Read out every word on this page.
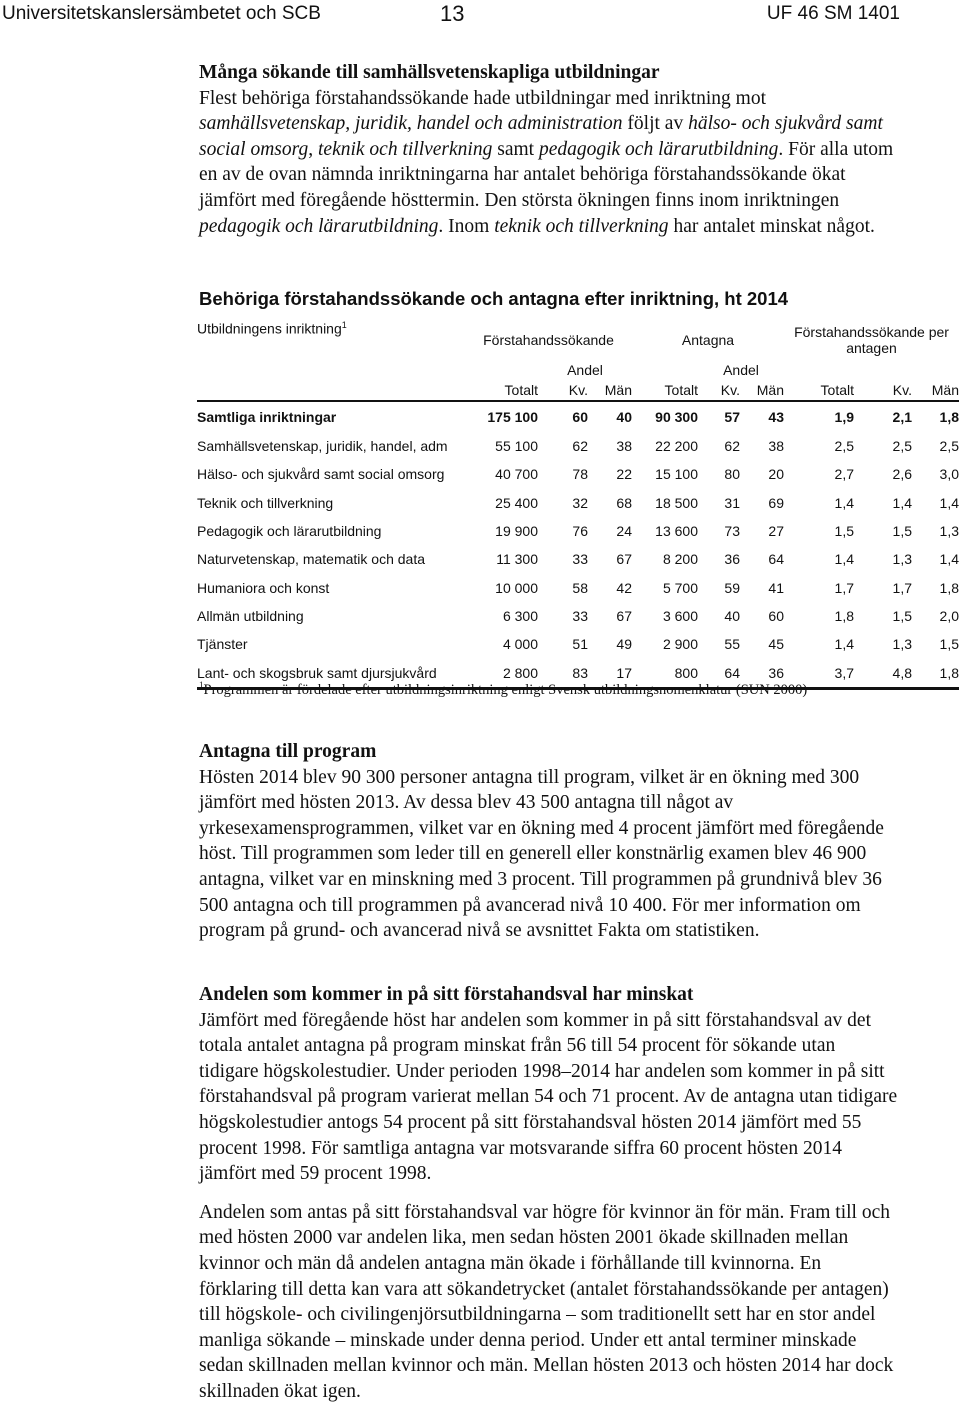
Universitetskanslersämbetet och SCB	13	UF 46 SM 1401
Många sökande till samhällsvetenskapliga utbildningar

Flest behöriga förstahandssökande hade utbildningar med inriktning mot samhällsvetenskap, juridik, handel och administration följt av hälso- och sjukvård samt social omsorg, teknik och tillverkning samt pedagogik och lärarutbildning. För alla utom en av de ovan nämnda inriktningarna har antalet behöriga förstahandssökande ökat jämfört med föregående hösttermin. Den största ökningen finns inom inriktningen pedagogik och lärarutbildning. Inom teknik och tillverkning har antalet minskat något.

Behöriga förstahandssökande och antagna efter inriktning, ht 2014
Utbildningens inriktning$^1$	Förstahandssökande			Antagna			Förstahandssökande per antagen		
		Andel			Andel				
	Totalt	Kv.	Män	Totalt	Kv.	Män	Totalt	Kv.	Män
Samtliga inriktningar	175 100	60	40	90 300	57	43	1,9	2,1	1,8
Samhällsvetenskap, juridik, handel, adm	55 100	62	38	22 200	62	38	2,5	2,5	2,5
Hälso- och sjukvård samt social omsorg	40 700	78	22	15 100	80	20	2,7	2,6	3,0
Teknik och tillverkning	25 400	32	68	18 500	31	69	1,4	1,4	1,4
Pedagogik och lärarutbildning	19 900	76	24	13 600	73	27	1,5	1,5	1,3
Naturvetenskap, matematik och data	11 300	33	67	8 200	36	64	1,4	1,3	1,4
Humaniora och konst	10 000	58	42	5 700	59	41	1,7	1,7	1,8
Allmän utbildning	6 300	33	67	3 600	40	60	1,8	1,5	2,0
Tjänster	4 000	51	49	2 900	55	45	1,4	1,3	1,5
Lant- och skogsbruk samt djursjukvård	2 800	83	17	800	64	36	3,7	4,8	1,8
$^1$Programmen är fördelade efter utbildningsinriktning enligt Svensk utbildningsnomenklatur (SUN 2000)
Antagna till program

Hösten 2014 blev 90 300 personer antagna till program, vilket är en ökning med 300 jämfört med hösten 2013. Av dessa blev 43 500 antagna till något av yrkesexamensprogrammen, vilket var en ökning med 4 procent jämfört med föregående höst. Till programmen som leder till en generell eller konstnärlig examen blev 46 900 antagna, vilket var en minskning med 3 procent. Till programmen på grundnivå blev 36 500 antagna och till programmen på avancerad nivå 10 400. För mer information om program på grund- och avancerad nivå se avsnittet Fakta om statistiken.

Andelen som kommer in på sitt förstahandsval har minskat

Jämfört med föregående höst har andelen som kommer in på sitt förstahandsval av det totala antalet antagna på program minskat från 56 till 54 procent för sökande utan tidigare högskolestudier. Under perioden 1998–2014 har andelen som kommer in på sitt förstahandsval på program varierat mellan 54 och 71 procent. Av de antagna utan tidigare högskolestudier antogs 54 procent på sitt förstahandsval hösten 2014 jämfört med 55 procent 1998. För samtliga antagna var motsvarande siffra 60 procent hösten 2014 jämfört med 59 procent 1998.

Andelen som antas på sitt förstahandsval var högre för kvinnor än för män. Fram till och med hösten 2000 var andelen lika, men sedan hösten 2001 ökade skillnaden mellan kvinnor och män då andelen antagna män ökade i förhållande till kvinnorna. En förklaring till detta kan vara att sökandetrycket (antalet förstahandssökande per antagen) till högskole- och civilingenjörsutbildningarna – som traditionellt sett har en stor andel manliga sökande – minskade under denna period. Under ett antal terminer minskade sedan skillnaden mellan kvinnor och män. Mellan hösten 2013 och hösten 2014 har dock skillnaden ökat igen.
